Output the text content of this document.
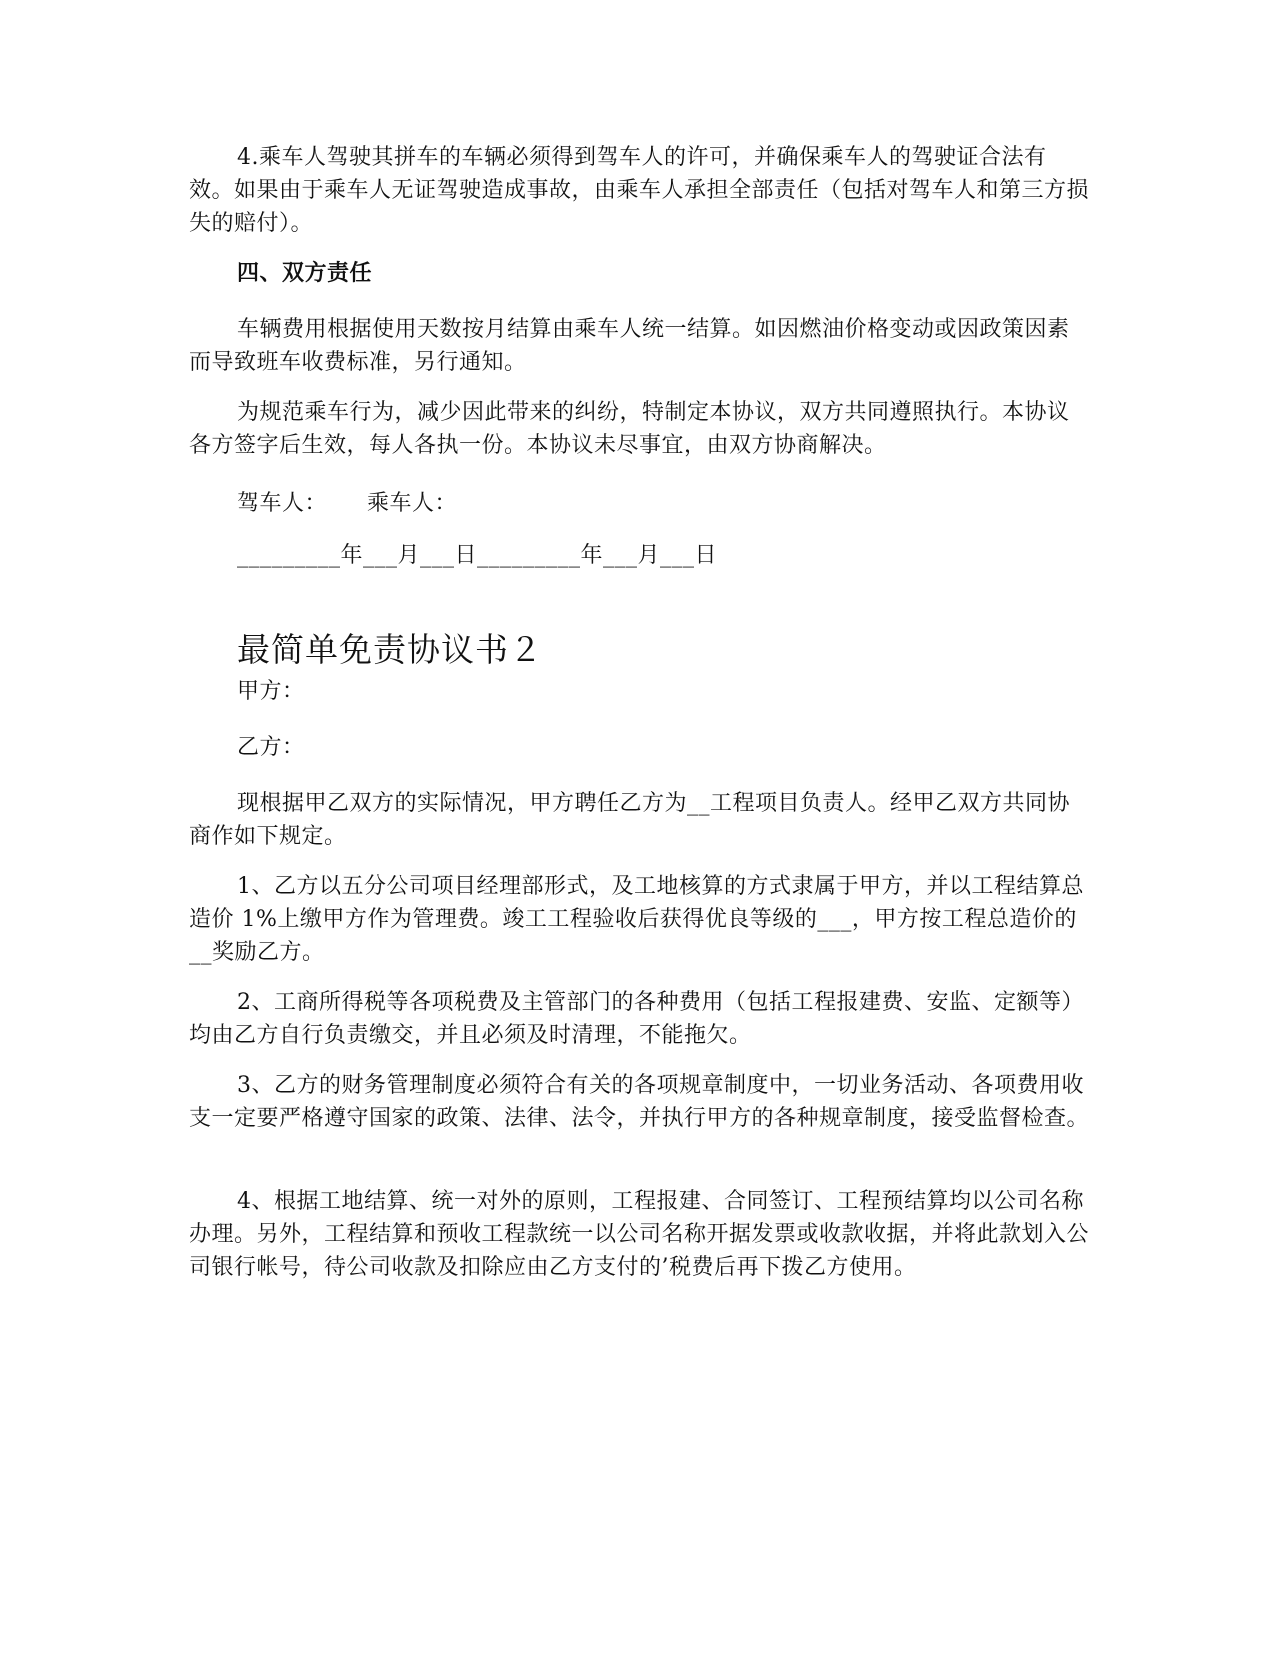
4.乘车人驾驶其拼车的车辆必须得到驾车人的许可，并确保乘车人的驾驶证合法有效。如果由于乘车人无证驾驶造成事故，由乘车人承担全部责任（包括对驾车人和第三方损失的赔付）。

四、双方责任

车辆费用根据使用天数按月结算由乘车人统一结算。如因燃油价格变动或因政策因素而导致班车收费标准，另行通知。

为规范乘车行为，减少因此带来的纠纷，特制定本协议，双方共同遵照执行。本协议各方签字后生效，每人各执一份。本协议未尽事宜，由双方协商解决。

驾车人： 乘车人：

_________年___月___日_________年___月___日

最简单免责协议书２

甲方：

乙方：

现根据甲乙双方的实际情况，甲方聘任乙方为__工程项目负责人。经甲乙双方共同协商作如下规定。

1、乙方以五分公司项目经理部形式，及工地核算的方式隶属于甲方，并以工程结算总造价 1%上缴甲方作为管理费。竣工工程验收后获得优良等级的___，甲方按工程总造价的__奖励乙方。

2、工商所得税等各项税费及主管部门的各种费用（包括工程报建费、安监、定额等）均由乙方自行负责缴交，并且必须及时清理，不能拖欠。

3、乙方的财务管理制度必须符合有关的各项规章制度中，一切业务活动、各项费用收支一定要严格遵守国家的政策、法律、法令，并执行甲方的各种规章制度，接受监督检查。

4、根据工地结算、统一对外的原则，工程报建、合同签订、工程预结算均以公司名称办理。另外，工程结算和预收工程款统一以公司名称开据发票或收款收据，并将此款划入公司银行帐号，待公司收款及扣除应由乙方支付的’税费后再下拨乙方使用。
